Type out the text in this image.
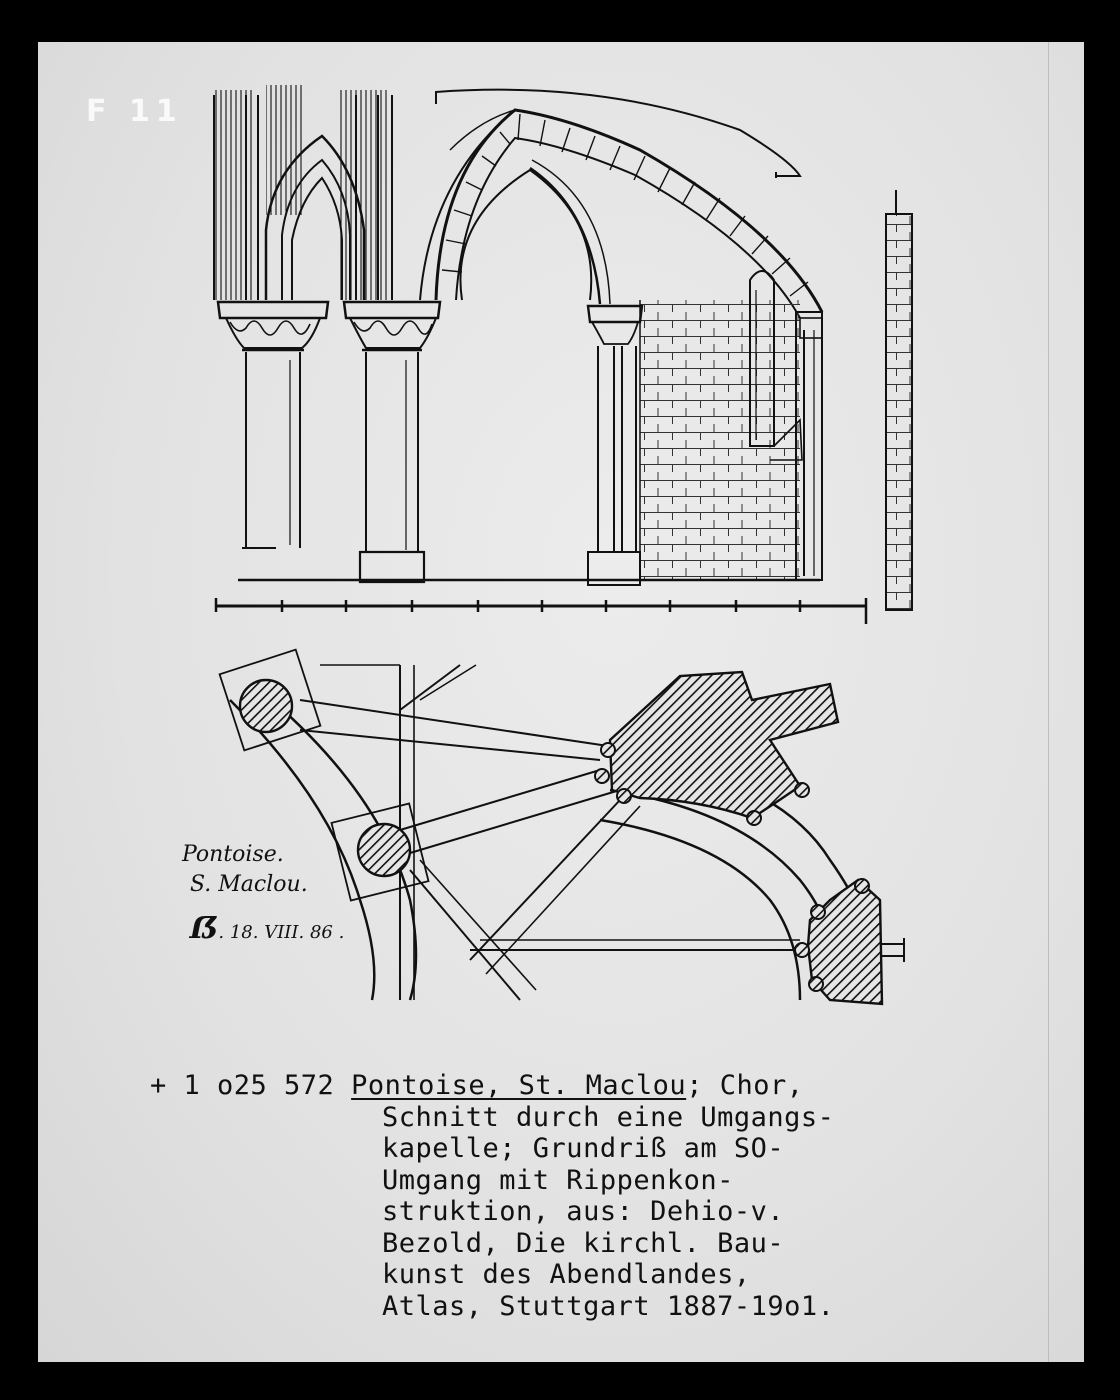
F 11
Pontoise.
S. Maclou.
ẞ. 18. VIII. 86 .
+ 1 o25 572 Pontoise, St. Maclou; Chor,
Schnitt durch eine Umgangs-
kapelle; Grundriß am SO-
Umgang mit Rippenkon-
struktion, aus: Dehio-v.
Bezold, Die kirchl. Bau-
kunst des Abendlandes,
Atlas, Stuttgart 1887-19o1.
